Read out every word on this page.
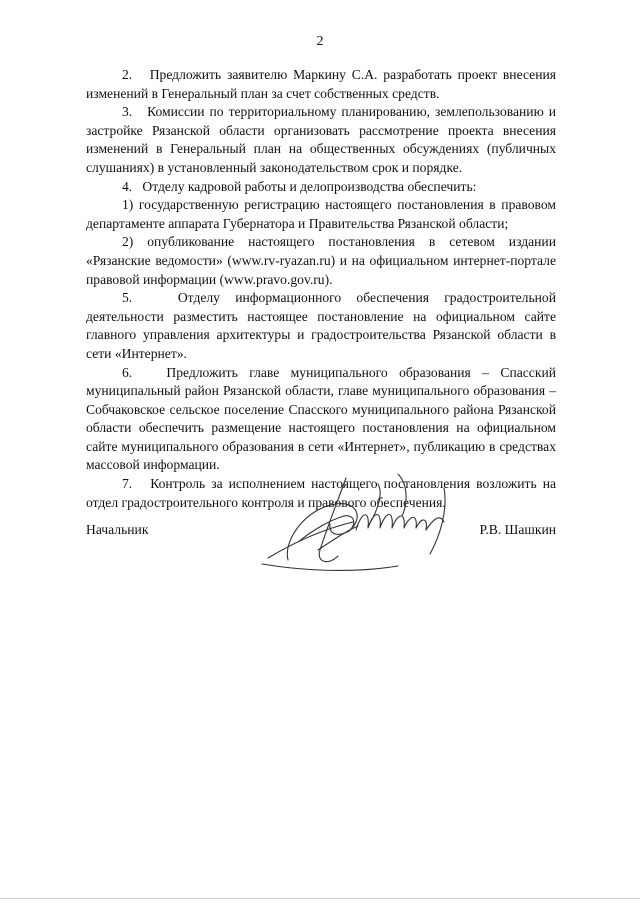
2

2.   Предложить заявителю Маркину С.А. разработать проект внесения изменений в Генеральный план за счет собственных средств.

3.   Комиссии по территориальному планированию, землепользованию и застройке Рязанской области организовать рассмотрение проекта внесения изменений в Генеральный план на общественных обсуждениях (публичных слушаниях) в установленный законодательством срок и порядке.

4.   Отделу кадровой работы и делопроизводства обеспечить:

1) государственную регистрацию настоящего постановления в правовом департаменте аппарата Губернатора и Правительства Рязанской области;

2) опубликование настоящего постановления в сетевом издании «Рязанские ведомости» (www.rv-ryazan.ru) и на официальном интернет-портале правовой информации (www.pravo.gov.ru).

5.   Отделу информационного обеспечения градостроительной деятельности разместить настоящее постановление на официальном сайте главного управления архитектуры и градостроительства Рязанской области в сети «Интернет».

6.   Предложить главе муниципального образования – Спасский муниципальный район Рязанской области, главе муниципального образования – Собчаковское сельское поселение Спасского муниципального района Рязанской области обеспечить размещение настоящего постановления на официальном сайте муниципального образования в сети «Интернет», публикацию в средствах массовой информации.

7.   Контроль за исполнением настоящего постановления возложить на отдел градостроительного контроля и правового обеспечения.

Начальник	Р.В. Шашкин
